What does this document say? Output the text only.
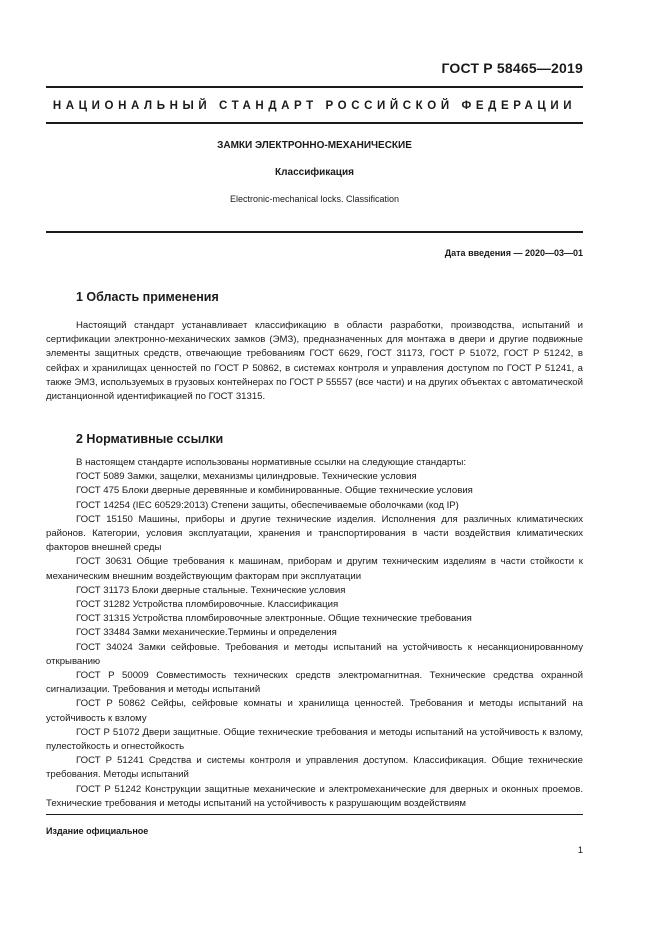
ГОСТ Р 58465—2019
НАЦИОНАЛЬНЫЙ СТАНДАРТ РОССИЙСКОЙ ФЕДЕРАЦИИ
ЗАМКИ ЭЛЕКТРОННО-МЕХАНИЧЕСКИЕ
Классификация
Electronic-mechanical locks. Classification
Дата введения — 2020—03—01
1 Область применения

Настоящий стандарт устанавливает классификацию в области разработки, производства, испытаний и сертификации электронно-механических замков (ЭМЗ), предназначенных для монтажа в двери и другие подвижные элементы защитных средств, отвечающие требованиям ГОСТ 6629, ГОСТ 31173, ГОСТ Р 51072, ГОСТ Р 51242, в сейфах и хранилищах ценностей по ГОСТ Р 50862, в системах контроля и управления доступом по ГОСТ Р 51241, а также ЭМЗ, используемых в грузовых контейнерах по ГОСТ Р 55557 (все части) и на других объектах с автоматической дистанционной идентификацией по ГОСТ 31315.

2 Нормативные ссылки

В настоящем стандарте использованы нормативные ссылки на следующие стандарты:

ГОСТ 5089 Замки, защелки, механизмы цилиндровые. Технические условия

ГОСТ 475 Блоки дверные деревянные и комбинированные. Общие технические условия

ГОСТ 14254 (IEC 60529:2013) Степени защиты, обеспечиваемые оболочками (код IP)

ГОСТ 15150 Машины, приборы и другие технические изделия. Исполнения для различных климатических районов. Категории, условия эксплуатации, хранения и транспортирования в части воздействия климатических факторов внешней среды

ГОСТ 30631 Общие требования к машинам, приборам и другим техническим изделиям в части стойкости к механическим внешним воздействующим факторам при эксплуатации

ГОСТ 31173 Блоки дверные стальные. Технические условия

ГОСТ 31282 Устройства пломбировочные. Классификация

ГОСТ 31315 Устройства пломбировочные электронные. Общие технические требования

ГОСТ 33484 Замки механические.Термины и определения

ГОСТ 34024 Замки сейфовые. Требования и методы испытаний на устойчивость к несанкционированному открыванию

ГОСТ Р 50009 Совместимость технических средств электромагнитная. Технические средства охранной сигнализации. Требования и методы испытаний

ГОСТ Р 50862 Сейфы, сейфовые комнаты и хранилища ценностей. Требования и методы испытаний на устойчивость к взлому

ГОСТ Р 51072 Двери защитные. Общие технические требования и методы испытаний на устойчивость к взлому, пулестойкость и огнестойкость

ГОСТ Р 51241 Средства и системы контроля и управления доступом. Классификация. Общие технические требования. Методы испытаний

ГОСТ Р 51242 Конструкции защитные механические и электромеханические для дверных и оконных проемов. Технические требования и методы испытаний на устойчивость к разрушающим воздействиям

Издание официальное
1
